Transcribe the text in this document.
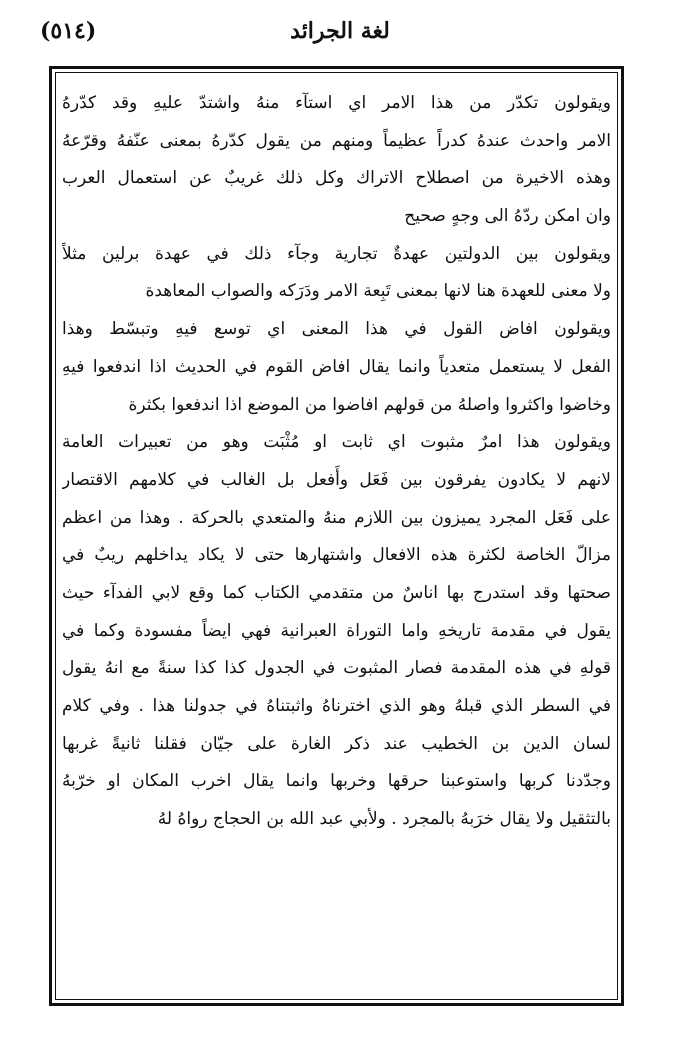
(٥١٤)	لغة الجرائد
ويقولون تكدّر من هذا الامر اي استآء منهُ واشتدّ عليهِ وقد كدّرهُ
الامر واحدث عندهُ كدراً عظيماً ومنهم من يقول كدّرهُ بمعنى عنّفهُ وقرّعهُ
وهذه الاخيرة من اصطلاح الاتراك وكل ذلك غريبٌ عن استعمال العرب
وان امكن ردّهُ الى وجهٍ صحيح
ويقولون بين الدولتين عهدةٌ تجارية وجآء ذلك في عهدة برلين مثلاً
ولا معنى للعهدة هنا لانها بمعنى تَبِعة الامر ودَرَكه والصواب المعاهدة
ويقولون افاض القول في هذا المعنى اي توسع فيهِ وتبسّط وهذا
الفعل لا يستعمل متعدياً وانما يقال افاض القوم في الحديث اذا اندفعوا فيهِ
وخاضوا واكثروا واصلهُ من قولهم افاضوا من الموضع اذا اندفعوا بكثرة
ويقولون هذا امرٌ مثبوت اي ثابت او مُثْبَت وهو من تعبيرات العامة
لانهم لا يكادون يفرقون بين فَعَل وأَفعل بل الغالب في كلامهم الاقتصار
على فَعَل المجرد يميزون بين اللازم منهُ والمتعدي بالحركة . وهذا من اعظم
مزالّ الخاصة لكثرة هذه الافعال واشتهارها حتى لا يكاد يداخلهم ريبٌ في
صحتها وقد استدرج بها اناسٌ من متقدمي الكتاب كما وقع لابي الفدآء حيث
يقول في مقدمة تاريخهِ واما التوراة العبرانية فهي ايضاً مفسودة وكما في
قولهِ في هذه المقدمة فصار المثبوت في الجدول كذا كذا سنةً مع انهُ يقول
في السطر الذي قبلهُ وهو الذي اخترناهُ واثبتناهُ في جدولنا هذا . وفي كلام
لسان الدين بن الخطيب عند ذكر الغارة على جيّان فقلنا ثانيةً غربها
وجدّدنا كربها واستوعبنا حرقها وخربها وانما يقال اخرب المكان او خرّبهُ
بالتثقيل ولا يقال خرَبهُ بالمجرد . ولأبي عبد الله بن الحجاج رواهُ لهُ
